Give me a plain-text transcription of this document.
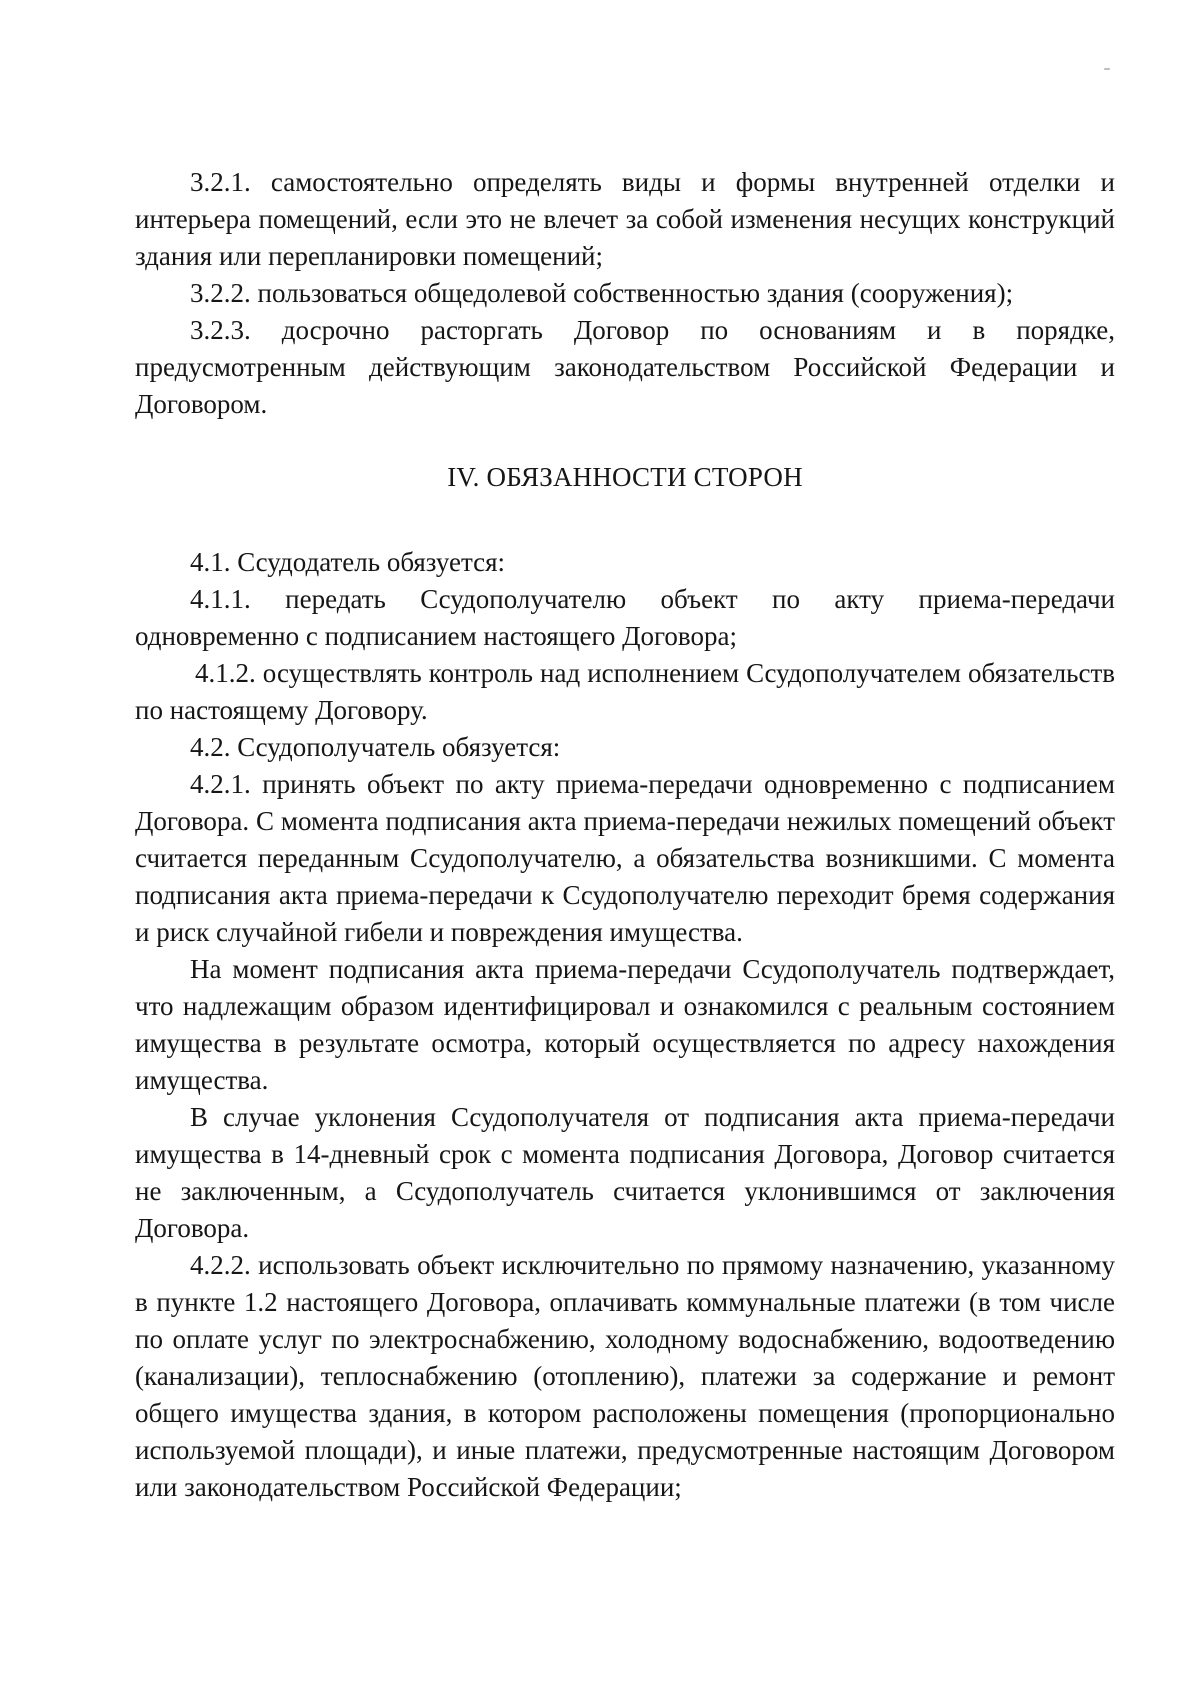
3.2.1. самостоятельно определять виды и формы внутренней отделки и интерьера помещений, если это не влечет за собой изменения несущих конструкций здания или перепланировки помещений;

3.2.2. пользоваться общедолевой собственностью здания (сооружения);

3.2.3. досрочно расторгать Договор по основаниям и в порядке, предусмотренным действующим законодательством Российской Федерации и Договором.

IV. ОБЯЗАННОСТИ СТОРОН

4.1. Ссудодатель обязуется:

4.1.1. передать Ссудополучателю объект по акту приема-передачи одновременно с подписанием настоящего Договора;

4.1.2. осуществлять контроль над исполнением Ссудополучателем обязательств по настоящему Договору.

4.2. Ссудополучатель обязуется:

4.2.1. принять объект по акту приема-передачи одновременно с подписанием Договора. С момента подписания акта приема-передачи нежилых помещений объект считается переданным Ссудополучателю, а обязательства возникшими. С момента подписания акта приема-передачи к Ссудополучателю переходит бремя содержания и риск случайной гибели и повреждения имущества.

На момент подписания акта приема-передачи Ссудополучатель подтверждает, что надлежащим образом идентифицировал и ознакомился с реальным состоянием имущества в результате осмотра, который осуществляется по адресу нахождения имущества.

В случае уклонения Ссудополучателя от подписания акта приема-передачи имущества в 14-дневный срок с момента подписания Договора, Договор считается не заключенным, а Ссудополучатель считается уклонившимся от заключения Договора.

4.2.2. использовать объект исключительно по прямому назначению, указанному в пункте 1.2 настоящего Договора, оплачивать коммунальные платежи (в том числе по оплате услуг по электроснабжению, холодному водоснабжению, водоотведению (канализации), теплоснабжению (отоплению), платежи за содержание и ремонт общего имущества здания, в котором расположены помещения (пропорционально используемой площади), и иные платежи, предусмотренные настоящим Договором или законодательством Российской Федерации;
